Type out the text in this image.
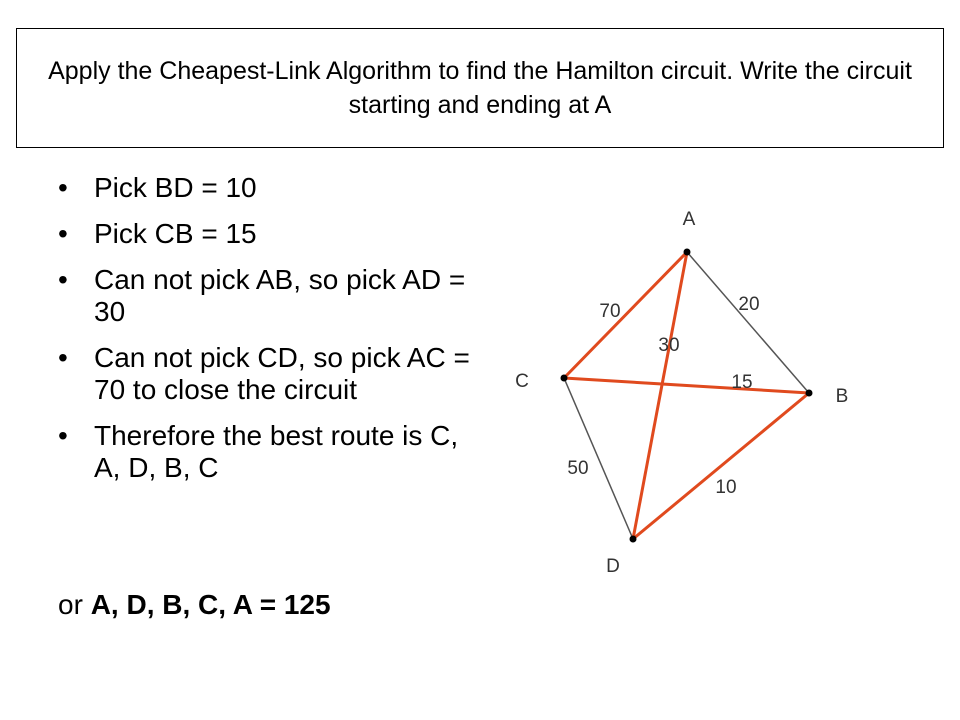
Apply the Cheapest-Link Algorithm to find the Hamilton circuit. Write the circuit starting and ending at A
• Pick BD = 10
• Pick CB = 15
• Can not pick AB, so pick AD = 30
• Can not pick CD, so pick AC = 70 to close the circuit
• Therefore the best route is C, A, D, B, C
or A, D, B, C, A = 125
20
70
30
15
50
10
A
B
C
D
